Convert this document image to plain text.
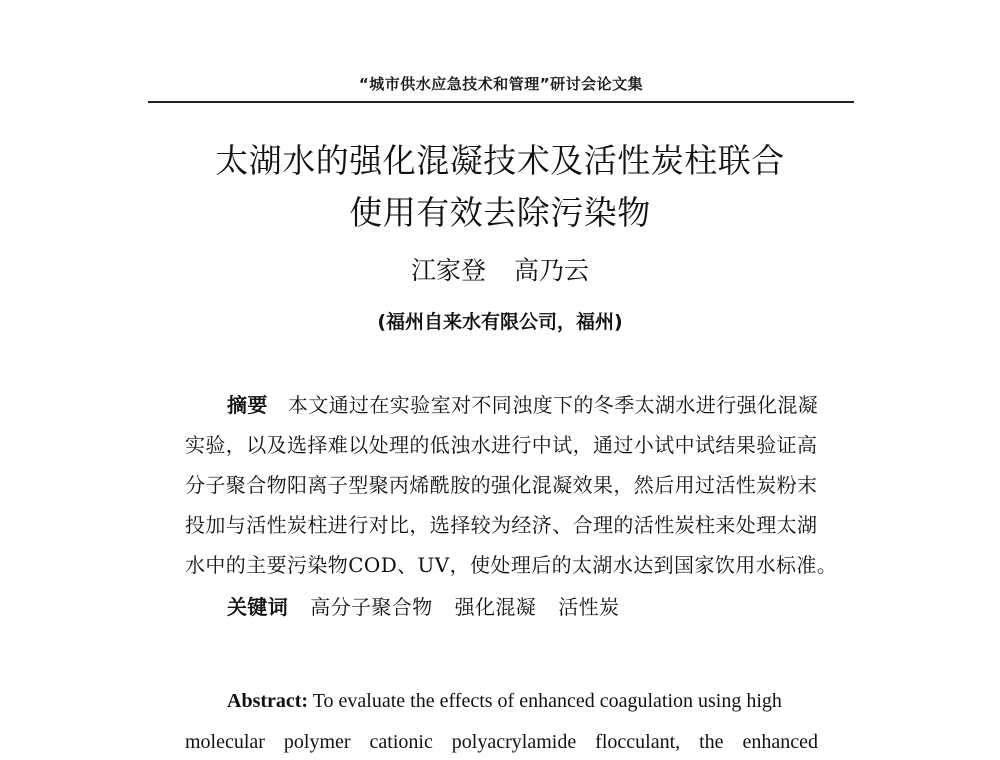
“城市供水应急技术和管理”研讨会论文集
太湖水的强化混凝技术及活性炭柱联合
使用有效去除污染物
江家登 高乃云
(福州自来水有限公司，福州)
摘要 本文通过在实验室对不同浊度下的冬季太湖水进行强化混凝
实验，以及选择难以处理的低浊水进行中试，通过小试中试结果验证高
分子聚合物阳离子型聚丙烯酰胺的强化混凝效果，然后用过活性炭粉末
投加与活性炭柱进行对比，选择较为经济、合理的活性炭柱来处理太湖
水中的主要污染物COD、UV，使处理后的太湖水达到国家饮用水标准。
关键词 高分子聚合物 强化混凝 活性炭
Abstract: To evaluate the effects of enhanced coagulation using high
molecular polymer cationic polyacrylamide flocculant, the enhanced
